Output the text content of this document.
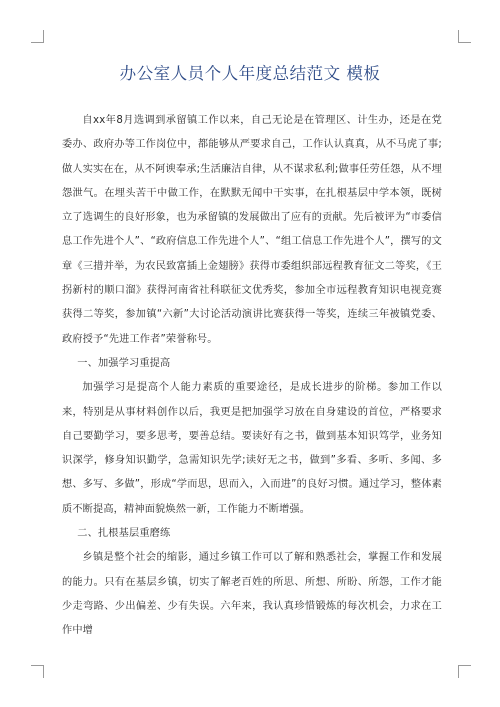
办公室人员个人年度总结范文 模板

自xx年8月选调到承留镇工作以来，自己无论是在管理区、计生办，还是在党委办、政府办等工作岗位中，都能够从严要求自己，工作认认真真，从不马虎了事;做人实实在在，从不阿谀奉承;生活廉洁自律，从不谋求私利;做事任劳任怨，从不埋怨泄气。在埋头苦干中做工作，在默默无闻中干实事，在扎根基层中学本领，既树立了选调生的良好形象，也为承留镇的发展做出了应有的贡献。先后被评为“市委信息工作先进个人”、“政府信息工作先进个人”、“组工信息工作先进个人”，撰写的文章《三措并举，为农民致富插上金翅膀》获得市委组织部远程教育征文二等奖，《王拐新村的顺口溜》获得河南省社科联征文优秀奖，参加全市远程教育知识电视竞赛获得二等奖，参加镇“六新”大讨论活动演讲比赛获得一等奖，连续三年被镇党委、政府授予“先进工作者”荣誉称号。

一、加强学习重提高

加强学习是提高个人能力素质的重要途径，是成长进步的阶梯。参加工作以来，特别是从事材料创作以后，我更是把加强学习放在自身建设的首位，严格要求自己要勤学习，要多思考，要善总结。要读好有之书，做到基本知识笃学，业务知识深学，修身知识勤学，急需知识先学;读好无之书，做到”多看、多听、多闻、多想、多写、多做”，形成“学而思，思而入，入而进”的良好习惯。通过学习，整体素质不断提高，精神面貌焕然一新，工作能力不断增强。

二、扎根基层重磨练

乡镇是整个社会的缩影，通过乡镇工作可以了解和熟悉社会，掌握工作和发展的能力。只有在基层乡镇，切实了解老百姓的所思、所想、所盼、所怨，工作才能少走弯路、少出偏差、少有失误。六年来，我认真珍惜锻炼的每次机会，力求在工作中增
